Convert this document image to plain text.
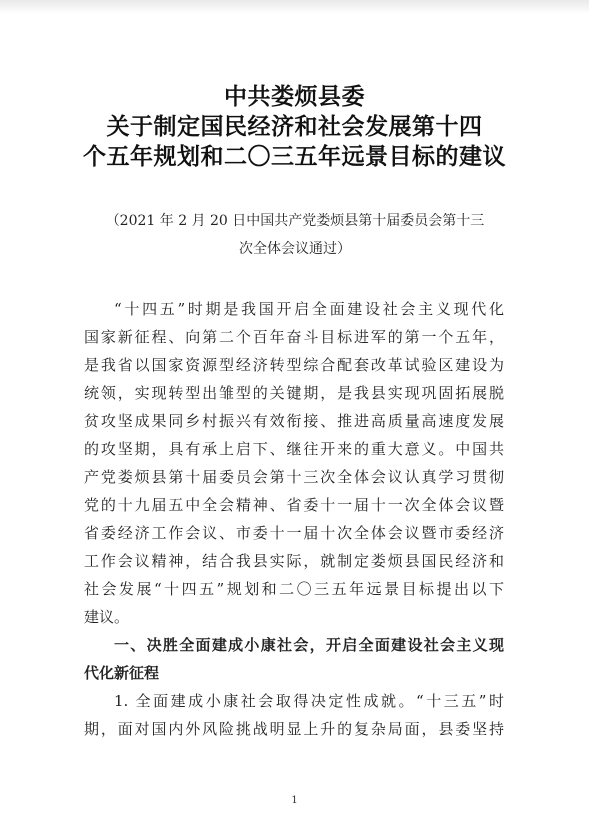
中共娄烦县委
关于制定国民经济和社会发展第十四
个五年规划和二〇三五年远景目标的建议
（2021 年 2 月 20 日中国共产党娄烦县第十届委员会第十三
次全体会议通过）
“十四五”时期是我国开启全面建设社会主义现代化
国家新征程、向第二个百年奋斗目标进军的第一个五年，
是我省以国家资源型经济转型综合配套改革试验区建设为
统领，实现转型出雏型的关键期，是我县实现巩固拓展脱
贫攻坚成果同乡村振兴有效衔接、推进高质量高速度发展
的攻坚期，具有承上启下、继往开来的重大意义。中国共
产党娄烦县第十届委员会第十三次全体会议认真学习贯彻
党的十九届五中全会精神、省委十一届十一次全体会议暨
省委经济工作会议、市委十一届十次全体会议暨市委经济
工作会议精神，结合我县实际，就制定娄烦县国民经济和
社会发展“十四五”规划和二〇三五年远景目标提出以下
建议。
一、决胜全面建成小康社会，开启全面建设社会主义现
代化新征程
1. 全面建成小康社会取得决定性成就。“十三五”时
期，面对国内外风险挑战明显上升的复杂局面，县委坚持
1
